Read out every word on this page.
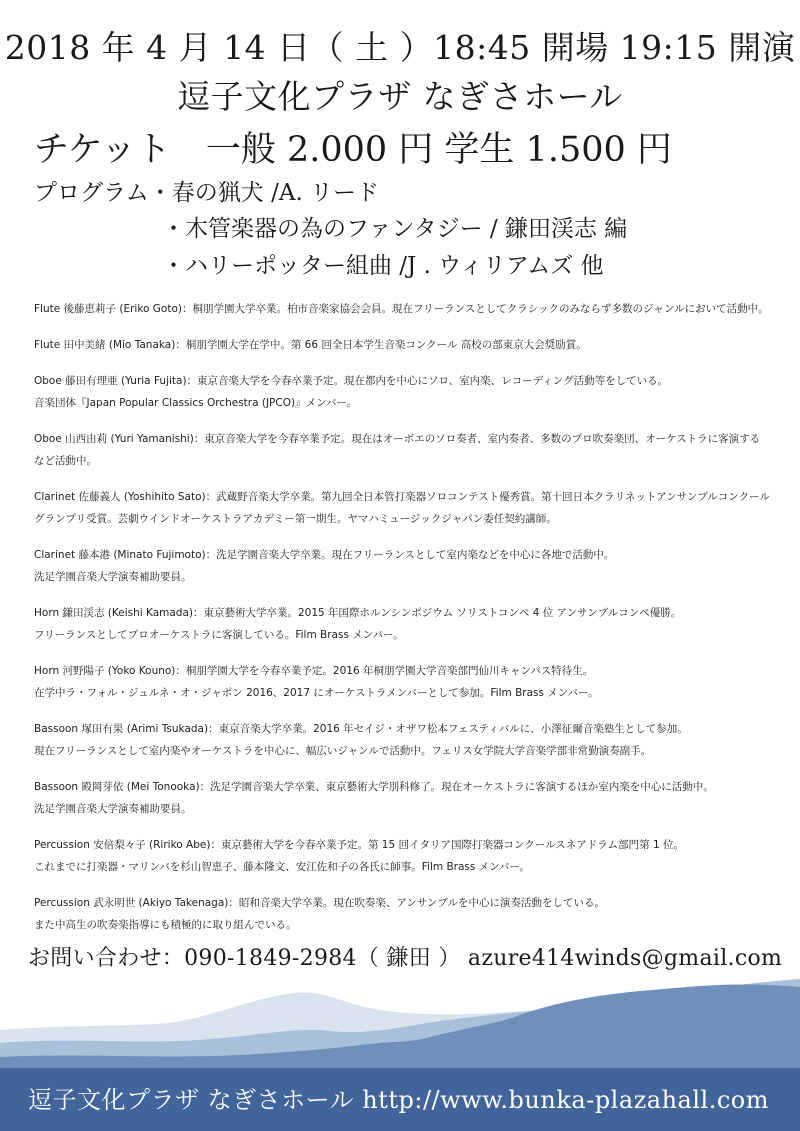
2018 年 4 月 14 日（ 土 ）18:45 開場 19:15 開演
逗子文化プラザ なぎさホール
チケット　一般 2.000 円 学生 1.500 円
プログラム・春の猟犬 /A. リード
・木管楽器の為のファンタジー / 鎌田渓志 編
・ハリーポッター組曲 /J . ウィリアムズ 他
Flute 後藤恵莉子 (Eriko Goto)：桐朋学園大学卒業。柏市音楽家協会会員。現在フリーランスとしてクラシックのみならず多数のジャンルにおいて活動中。
Flute 田中美緒 (Mio Tanaka)：桐朋学園大学在学中。第 66 回全日本学生音楽コンクール 高校の部東京大会奨励賞。
Oboe 藤田有理亜 (Yuria Fujita)：東京音楽大学を今春卒業予定。現在都内を中心にソロ、室内楽、レコーディング活動等をしている。
音楽団体『Japan Popular Classics Orchestra (JPCO)』メンバー。
Oboe 山西由莉 (Yuri Yamanishi)：東京音楽大学を今春卒業予定。現在はオーボエのソロ奏者、室内奏者、多数のプロ吹奏楽団、オーケストラに客演する
など活動中。
Clarinet 佐藤義人 (Yoshihito Sato)：武蔵野音楽大学卒業。第九回全日本管打楽器ソロコンテスト優秀賞。第十回日本クラリネットアンサンブルコンクール
グランプリ受賞。芸劇ウインドオーケストラアカデミー第一期生。ヤマハミュージックジャパン委任契約講師。
Clarinet 藤本港 (Minato Fujimoto)：洗足学園音楽大学卒業。現在フリーランスとして室内楽などを中心に各地で活動中。
洗足学園音楽大学演奏補助要員。
Horn 鎌田渓志 (Keishi Kamada)：東京藝術大学卒業。2015 年国際ホルンシンポジウム ソリストコンペ 4 位 アンサンブルコンペ優勝。
フリーランスとしてプロオーケストラに客演している。Film Brass メンバー。
Horn 河野陽子 (Yoko Kouno)：桐朋学園大学を今春卒業予定。2016 年桐朋学園大学音楽部門仙川キャンパス特待生。
在学中ラ・フォル・ジュルネ・オ・ジャポン 2016、2017 にオーケストラメンバーとして参加。Film Brass メンバー。
Bassoon 塚田有果 (Arimi Tsukada)：東京音楽大学卒業。2016 年セイジ・オザワ松本フェスティバルに、小澤征爾音楽塾生として参加。
現在フリーランスとして室内楽やオーケストラを中心に、幅広いジャンルで活動中。フェリス女学院大学音楽学部非常勤演奏副手。
Bassoon 殿岡芽依 (Mei Tonooka)：洗足学園音楽大学卒業、東京藝術大学別科修了。現在オーケストラに客演するほか室内楽を中心に活動中。
洗足学園音楽大学演奏補助要員。
Percussion 安倍梨々子 (Ririko Abe)：東京藝術大学を今春卒業予定。第 15 回イタリア国際打楽器コンクールスネアドラム部門第 1 位。
これまでに打楽器・マリンバを杉山智恵子、藤本隆文、安江佐和子の各氏に師事。Film Brass メンバー。
Percussion 武永明世 (Akiyo Takenaga)：昭和音楽大学卒業。現在吹奏楽、アンサンブルを中心に演奏活動をしている。
また中高生の吹奏楽指導にも積極的に取り組んでいる。
お問い合わせ：090-1849-2984（ 鎌田 ） azure414winds@gmail.com
逗子文化プラザ なぎさホール http://www.bunka-plazahall.com
